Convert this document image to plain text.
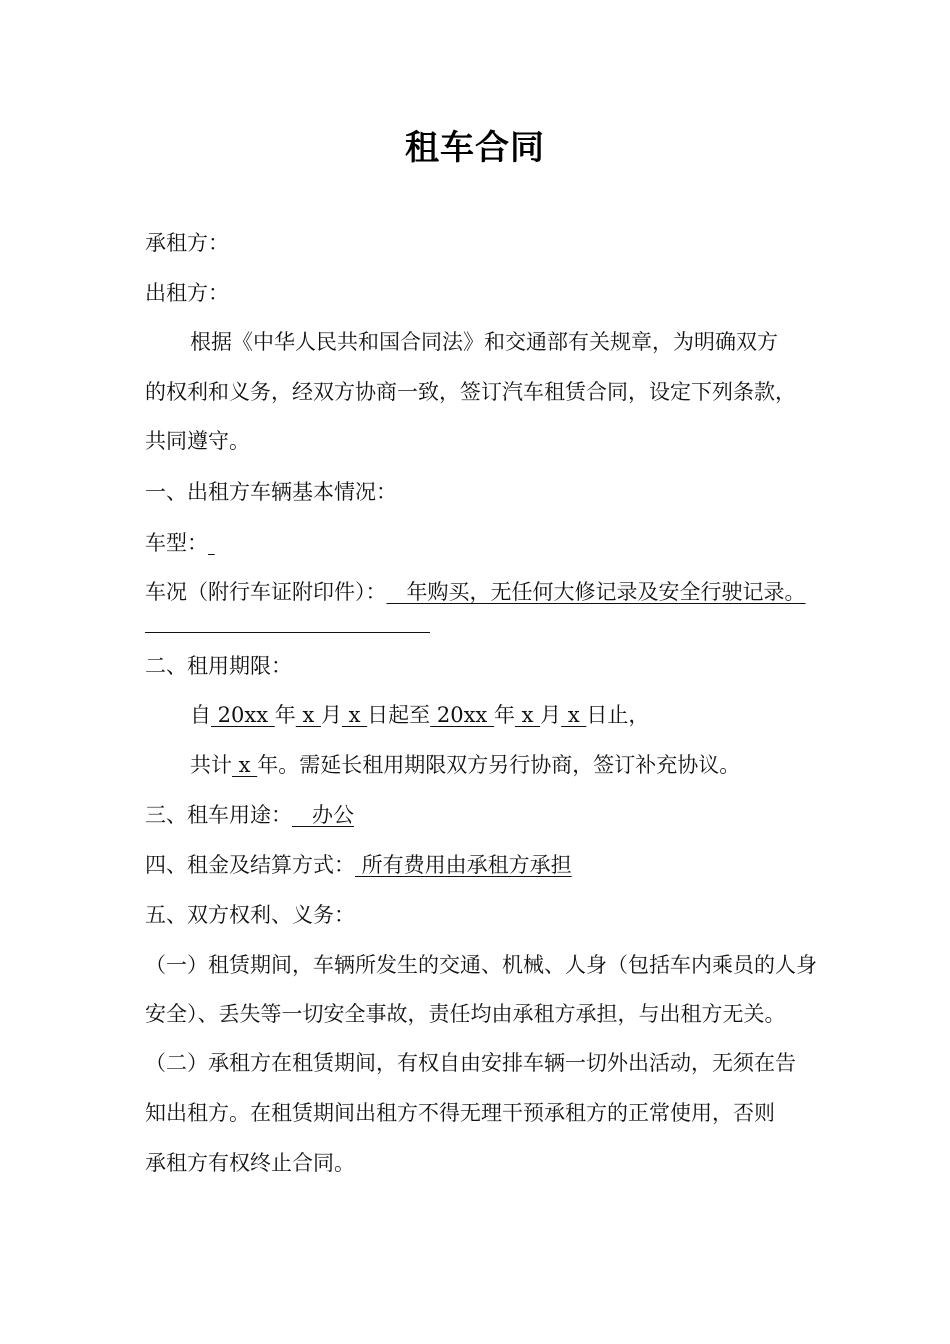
租车合同
承租方：
出租方：
根据《中华人民共和国合同法》和交通部有关规章，为明确双方
的权利和义务，经双方协商一致，签订汽车租赁合同，设定下列条款，
共同遵守。
一、出租方车辆基本情况：
车型：
车况（附行车证附印件）：   年购买，无任何大修记录及安全行驶记录。
二、租用期限：
自 20xx 年 x 月 x 日起至 20xx 年 x 月 x 日止，
共计 x 年。需延长租用期限双方另行协商，签订补充协议。
三、租车用途：   办公
四、租金及结算方式： 所有费用由承租方承担
五、双方权利、义务：
（一）租赁期间，车辆所发生的交通、机械、人身（包括车内乘员的人身
安全）、丢失等一切安全事故，责任均由承租方承担，与出租方无关。
（二）承租方在租赁期间，有权自由安排车辆一切外出活动，无须在告
知出租方。在租赁期间出租方不得无理干预承租方的正常使用，否则
承租方有权终止合同。
